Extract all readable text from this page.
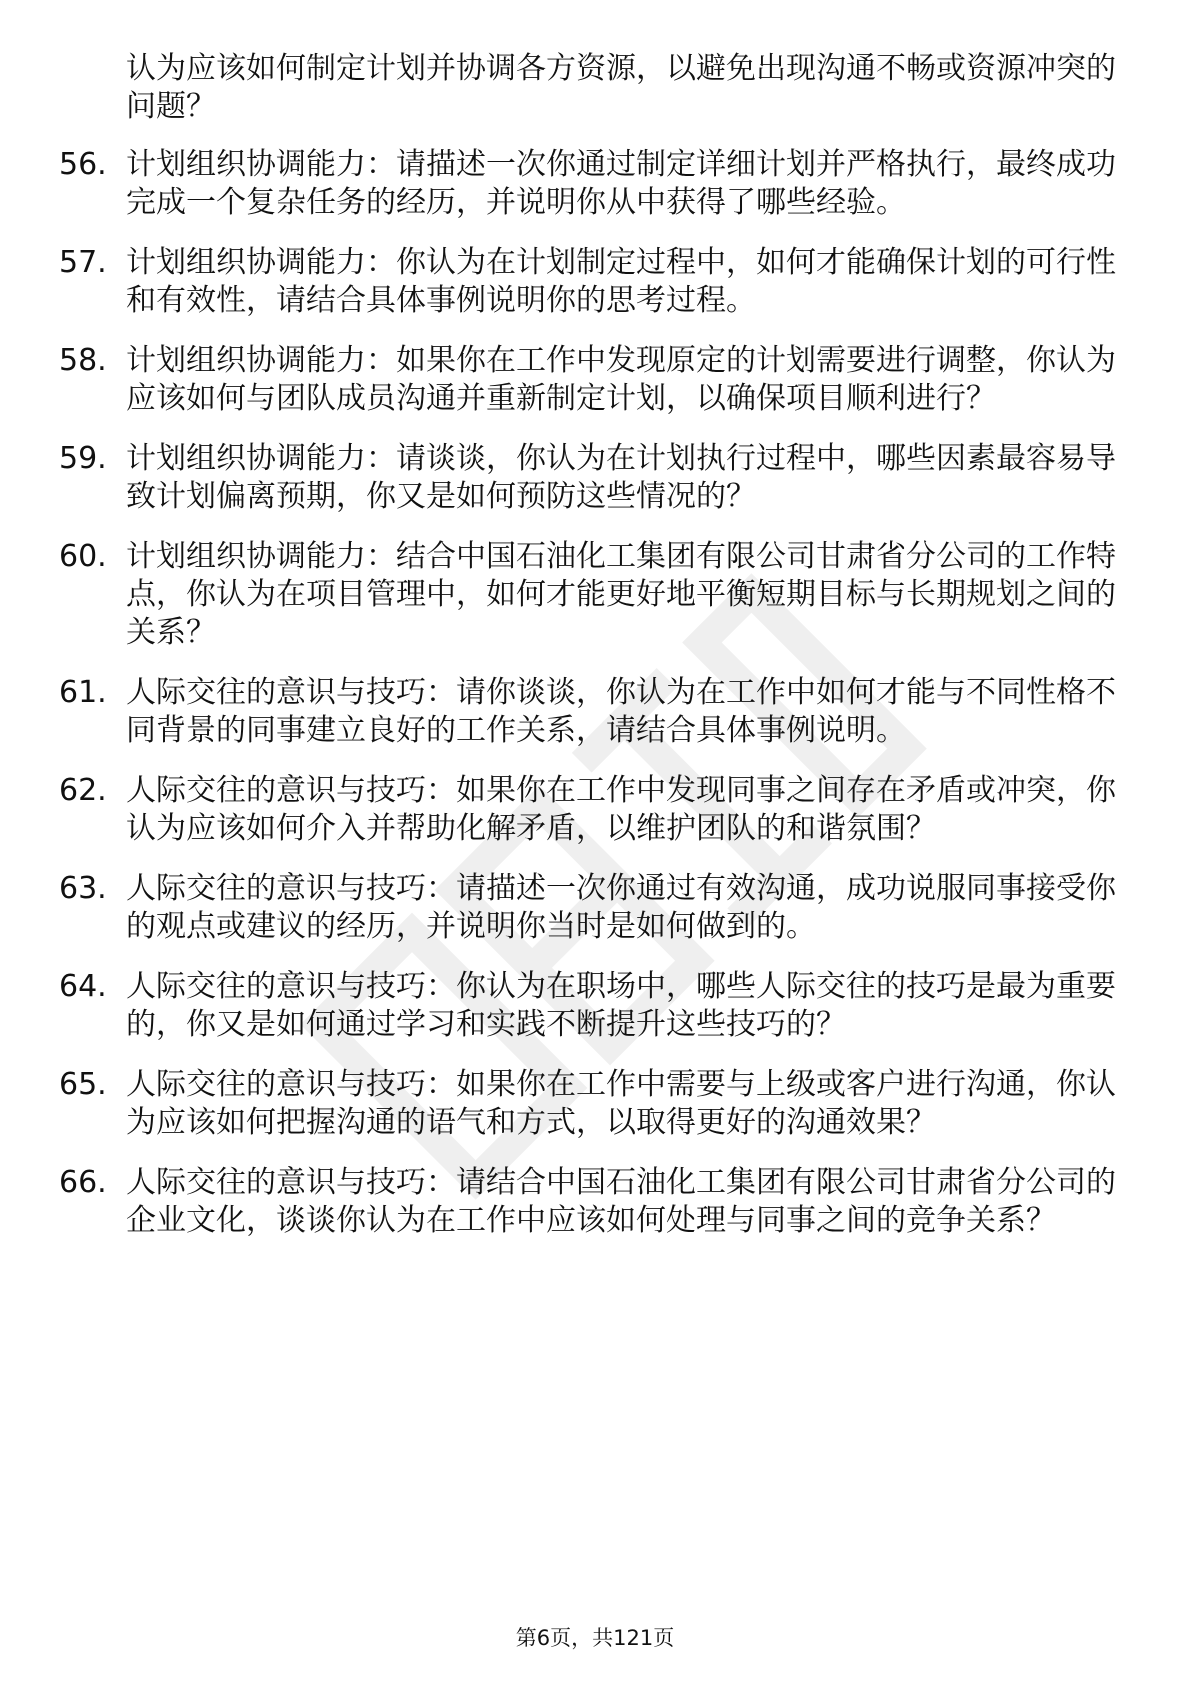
认为应该如何制定计划并协调各方资源，以避免出现沟通不畅或资源冲突的问题？

56. 计划组织协调能力：请描述一次你通过制定详细计划并严格执行，最终成功完成一个复杂任务的经历，并说明你从中获得了哪些经验。
57. 计划组织协调能力：你认为在计划制定过程中，如何才能确保计划的可行性和有效性，请结合具体事例说明你的思考过程。
58. 计划组织协调能力：如果你在工作中发现原定的计划需要进行调整，你认为应该如何与团队成员沟通并重新制定计划，以确保项目顺利进行？
59. 计划组织协调能力：请谈谈，你认为在计划执行过程中，哪些因素最容易导致计划偏离预期，你又是如何预防这些情况的？
60. 计划组织协调能力：结合中国石油化工集团有限公司甘肃省分公司的工作特点，你认为在项目管理中，如何才能更好地平衡短期目标与长期规划之间的关系？
61. 人际交往的意识与技巧：请你谈谈，你认为在工作中如何才能与不同性格不同背景的同事建立良好的工作关系，请结合具体事例说明。
62. 人际交往的意识与技巧：如果你在工作中发现同事之间存在矛盾或冲突，你认为应该如何介入并帮助化解矛盾，以维护团队的和谐氛围？
63. 人际交往的意识与技巧：请描述一次你通过有效沟通，成功说服同事接受你的观点或建议的经历，并说明你当时是如何做到的。
64. 人际交往的意识与技巧：你认为在职场中，哪些人际交往的技巧是最为重要的，你又是如何通过学习和实践不断提升这些技巧的？
65. 人际交往的意识与技巧：如果你在工作中需要与上级或客户进行沟通，你认为应该如何把握沟通的语气和方式，以取得更好的沟通效果？
66. 人际交往的意识与技巧：请结合中国石油化工集团有限公司甘肃省分公司的企业文化，谈谈你认为在工作中应该如何处理与同事之间的竞争关系？
第6页，共121页
